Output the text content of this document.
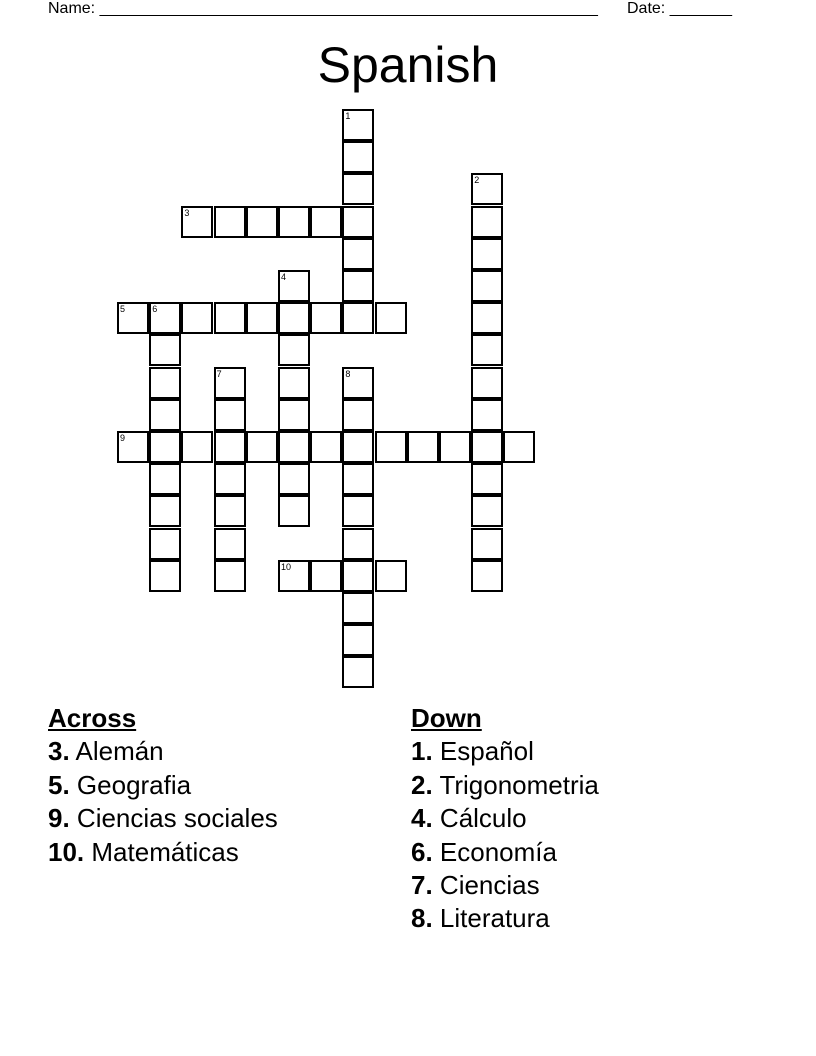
Name: ________________________________________________________ Date: _______
Spanish
1
2
3
4
5	6
7	8
9
10
Across
3. Alemán
5. Geografia
9. Ciencias sociales
10. Matemáticas
Down
1. Español
2. Trigonometria
4. Cálculo
6. Economía
7. Ciencias
8. Literatura
